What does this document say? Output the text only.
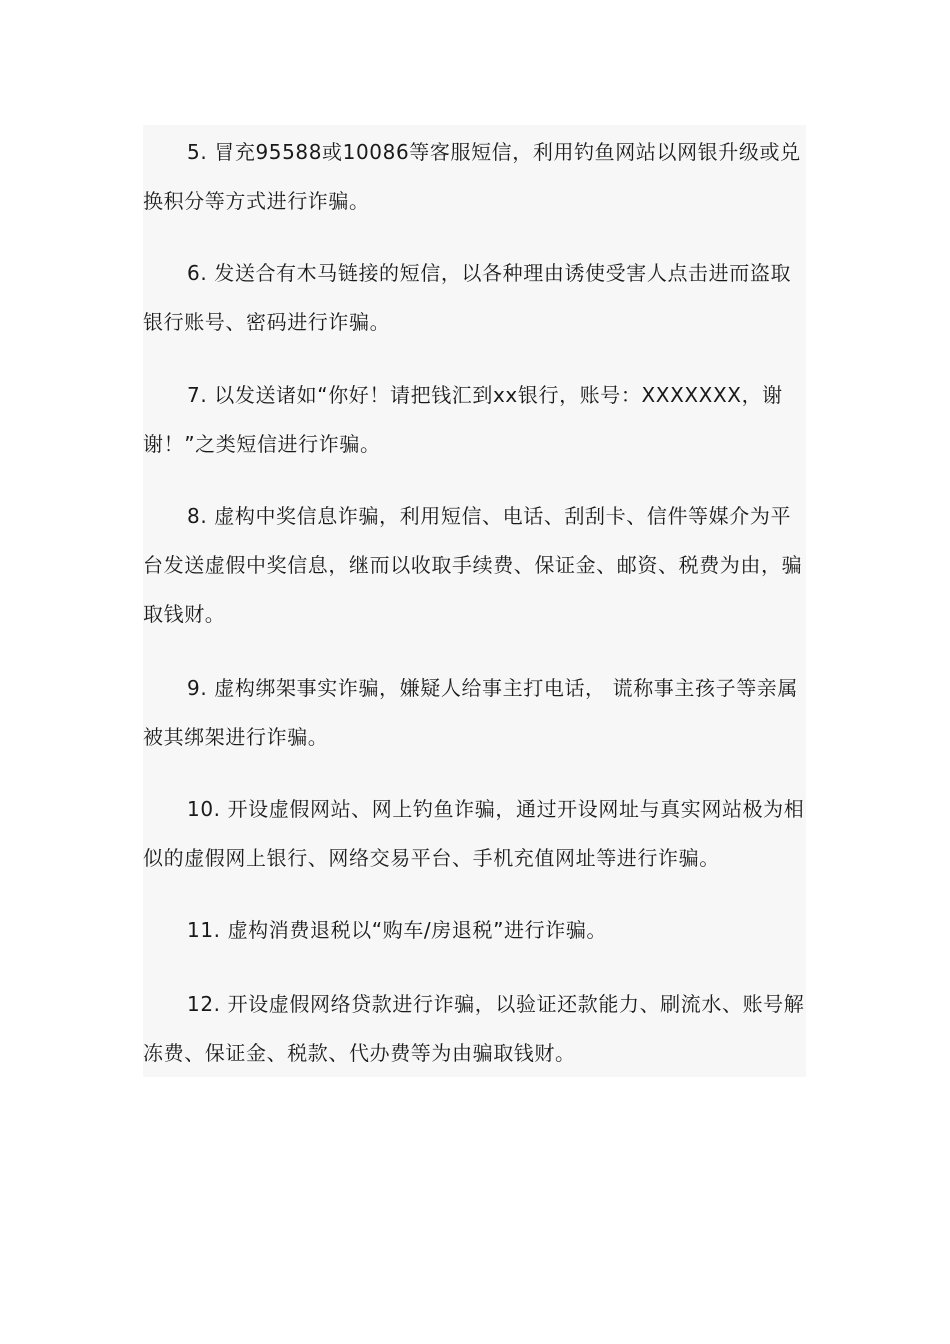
5. 冒充95588或10086等客服短信，利用钓鱼网站以网银升级或兑换积分等方式进行诈骗。

6. 发送合有木马链接的短信，以各种理由诱使受害人点击进而盗取银行账号、密码进行诈骗。

7. 以发送诸如“你好！请把钱汇到xx银行，账号：XXXXXXX，谢谢！”之类短信进行诈骗。

8. 虚构中奖信息诈骗，利用短信、电话、刮刮卡、信件等媒介为平台发送虚假中奖信息，继而以收取手续费、保证金、邮资、税费为由，骗取钱财。

9. 虚构绑架事实诈骗，嫌疑人给事主打电话， 谎称事主孩子等亲属被其绑架进行诈骗。

10. 开设虚假网站、网上钓鱼诈骗，通过开设网址与真实网站极为相似的虚假网上银行、网络交易平台、手机充值网址等进行诈骗。

11. 虚构消费退税以“购车/房退税”进行诈骗。

12. 开设虚假网络贷款进行诈骗，以验证还款能力、刷流水、账号解冻费、保证金、税款、代办费等为由骗取钱财。
